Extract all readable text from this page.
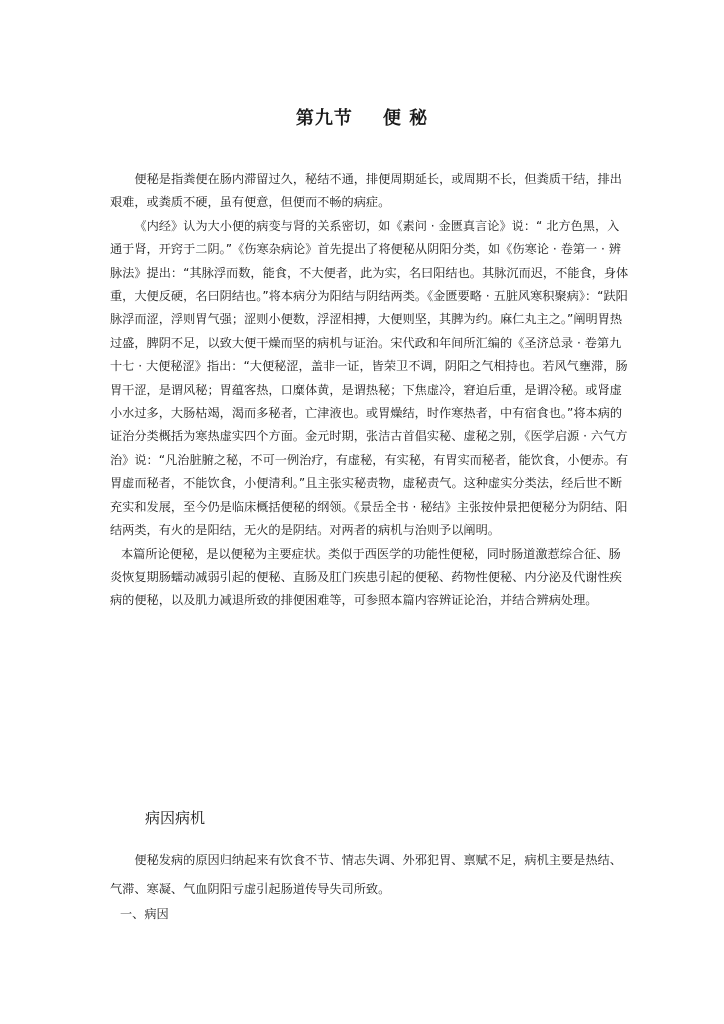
第九节 便 秘

便秘是指粪便在肠内滞留过久，秘结不通，排便周期延长，或周期不长，但粪质干结，排出艰难，或粪质不硬，虽有便意，但便而不畅的病症。

《内经》认为大小便的病变与肾的关系密切，如《素问 · 金匮真言论》说：“ 北方色黑，入通于肾，开窍于二阴。”《伤寒杂病论》首先提出了将便秘从阴阳分类，如《伤寒论 · 卷第一 · 辨脉法》提出：“其脉浮而数，能食，不大便者，此为实，名曰阳结也。其脉沉而迟，不能食，身体重，大便反硬，名曰阴结也。”将本病分为阳结与阴结两类。《金匮要略 · 五脏风寒积聚病》：“趺阳脉浮而涩，浮则胃气强；涩则小便数，浮涩相搏，大便则坚，其脾为约。麻仁丸主之。”阐明胃热过盛，脾阴不足，以致大便干燥而坚的病机与证治。宋代政和年间所汇编的《圣济总录 · 卷第九十七 · 大便秘涩》指出：“大便秘涩，盖非一证，皆荣卫不调，阴阳之气相持也。若风气壅滞，肠胃干涩，是谓风秘；胃蕴客热，口糜体黄，是谓热秘；下焦虚冷，窘迫后重，是谓冷秘。或肾虚小水过多，大肠枯竭，渴而多秘者，亡津液也。或胃燥结，时作寒热者，中有宿食也。”将本病的证治分类概括为寒热虚实四个方面。金元时期，张洁古首倡实秘、虚秘之别，《医学启源 · 六气方治》说：“凡治脏腑之秘，不可一例治疗，有虚秘，有实秘，有胃实而秘者，能饮食，小便赤。有胃虚而秘者，不能饮食，小便清利。”且主张实秘责物，虚秘责气。这种虚实分类法，经后世不断充实和发展，至今仍是临床概括便秘的纲领。《景岳全书 · 秘结》主张按仲景把便秘分为阴结、阳结两类，有火的是阳结，无火的是阴结。对两者的病机与治则予以阐明。

本篇所论便秘，是以便秘为主要症状。类似于西医学的功能性便秘，同时肠道激惹综合征、肠炎恢复期肠蠕动减弱引起的便秘、直肠及肛门疾患引起的便秘、药物性便秘、内分泌及代谢性疾病的便秘，以及肌力减退所致的排便困难等，可参照本篇内容辨证论治，并结合辨病处理。

病因病机

便秘发病的原因归纳起来有饮食不节、情志失调、外邪犯胃、禀赋不足，病机主要是热结、气滞、寒凝、气血阴阳亏虚引起肠道传导失司所致。

一、病因
